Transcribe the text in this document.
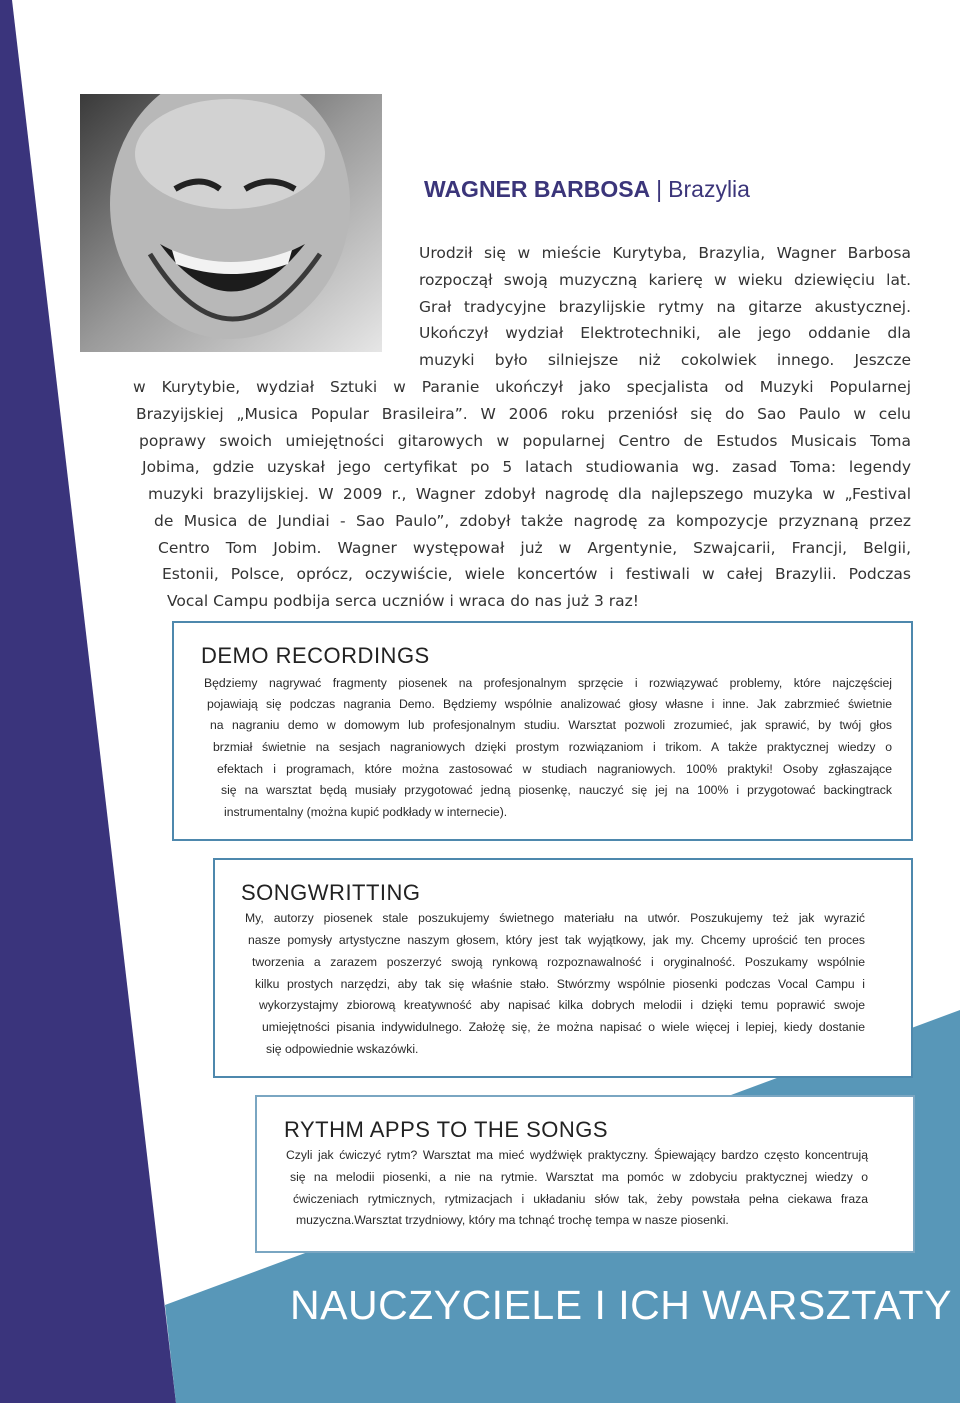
WAGNER BARBOSA | Brazylia
Urodził się w mieście Kurytyba, Brazylia, Wagner Barbosa
rozpoczął swoją muzyczną karierę w wieku dziewięciu lat.
Grał tradycyjne brazylijskie rytmy na gitarze akustycznej.
Ukończył wydział Elektrotechniki, ale jego oddanie dla
muzyki było silniejsze niż cokolwiek innego. Jeszcze
w Kurytybie, wydział Sztuki w Paranie ukończył jako specjalista od Muzyki Popularnej
Brazyijskiej „Musica Popular Brasileira”. W 2006 roku przeniósł się do Sao Paulo w celu
poprawy swoich umiejętności gitarowych w popularnej Centro de Estudos Musicais Toma
Jobima, gdzie uzyskał jego certyfikat po 5 latach studiowania wg. zasad Toma: legendy
muzyki brazylijskiej. W 2009 r., Wagner zdobył nagrodę dla najlepszego muzyka w „Festival
de Musica de Jundiai - Sao Paulo”, zdobył także nagrodę za kompozycje przyznaną przez
Centro Tom Jobim. Wagner występował już w Argentynie, Szwajcarii, Francji, Belgii,
Estonii, Polsce, oprócz, oczywiście, wiele koncertów i festiwali w całej Brazylii. Podczas
Vocal Campu podbija serca uczniów i wraca do nas już 3 raz!
DEMO RECORDINGS
Będziemy nagrywać fragmenty piosenek na profesjonalnym sprzęcie i rozwiązywać problemy, które najczęściej
pojawiają się podczas nagrania Demo. Będziemy wspólnie analizować głosy własne i inne. Jak zabrzmieć świetnie
na nagraniu demo w domowym lub profesjonalnym studiu. Warsztat pozwoli zrozumieć, jak sprawić, by twój głos
brzmiał świetnie na sesjach nagraniowych dzięki prostym rozwiązaniom i trikom. A także praktycznej wiedzy o
efektach i programach, które można zastosować w studiach nagraniowych. 100% praktyki! Osoby zgłaszające
się na warsztat będą musiały przygotować jedną piosenkę, nauczyć się jej na 100% i przygotować backingtrack
instrumentalny (można kupić podkłady w internecie).
SONGWRITTING
My, autorzy piosenek stale poszukujemy świetnego materiału na utwór. Poszukujemy też jak wyrazić
nasze pomysły artystyczne naszym głosem, który jest tak wyjątkowy, jak my. Chcemy uprościć ten proces
tworzenia a zarazem poszerzyć swoją rynkową rozpoznawalność i oryginalność. Poszukamy wspólnie
kilku prostych narzędzi, aby tak się właśnie stało. Stwórzmy wspólnie piosenki podczas Vocal Campu i
wykorzystajmy zbiorową kreatywność aby napisać kilka dobrych melodii i dzięki temu poprawić swoje
umiejętności pisania indywidulnego. Założę się, że można napisać o wiele więcej i lepiej, kiedy dostanie
się odpowiednie wskazówki.
RYTHM APPS TO THE SONGS
Czyli jak ćwiczyć rytm? Warsztat ma mieć wydźwięk praktyczny. Śpiewający bardzo często koncentrują
się na melodii piosenki, a nie na rytmie. Warsztat ma pomóc w zdobyciu praktycznej wiedzy o
ćwiczeniach rytmicznych, rytmizacjach i układaniu słów tak, żeby powstała pełna ciekawa fraza
muzyczna.Warsztat trzydniowy, który ma tchnąć trochę tempa w nasze piosenki.
NAUCZYCIELE I ICH WARSZTATY
